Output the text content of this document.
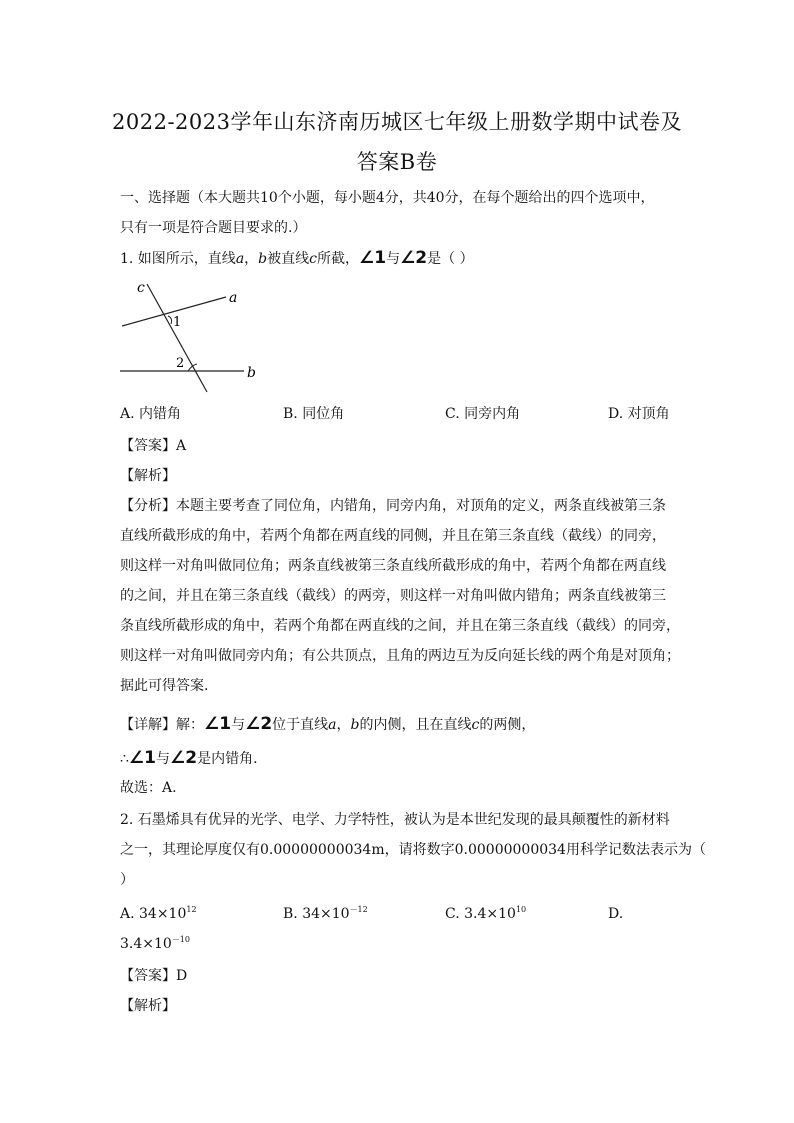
2022-2023学年山东济南历城区七年级上册数学期中试卷及
答案B卷
一、选择题（本大题共10个小题，每小题4分，共40分，在每个题给出的四个选项中，
只有一项是符合题目要求的.）
1. 如图所示，直线a，b被直线c所截，∠1与∠2是（ ）
c
a
b
1
2
A. 内错角	B. 同位角	C. 同旁内角	D. 对顶角
【答案】A
【解析】
【分析】本题主要考查了同位角，内错角，同旁内角，对顶角的定义，两条直线被第三条
直线所截形成的角中，若两个角都在两直线的同侧，并且在第三条直线（截线）的同旁，
则这样一对角叫做同位角；两条直线被第三条直线所截形成的角中，若两个角都在两直线
的之间，并且在第三条直线（截线）的两旁，则这样一对角叫做内错角；两条直线被第三
条直线所截形成的角中，若两个角都在两直线的之间，并且在第三条直线（截线）的同旁，
则这样一对角叫做同旁内角；有公共顶点，且角的两边互为反向延长线的两个角是对顶角；
据此可得答案.
【详解】解：∠1与∠2位于直线a，b的内侧，且在直线c的两侧，
∴∠1与∠2是内错角.
故选：A.
2. 石墨烯具有优异的光学、电学、力学特性，被认为是本世纪发现的最具颠覆性的新材料
之一，其理论厚度仅有0.00000000034m，请将数字0.00000000034用科学记数法表示为（
）
A. $34\times 10^{12}$	B. $34\times 10^{-12}$	C. $3.4\times 10^{10}$	D.
$3.4\times 10^{-10}$
【答案】D
【解析】
